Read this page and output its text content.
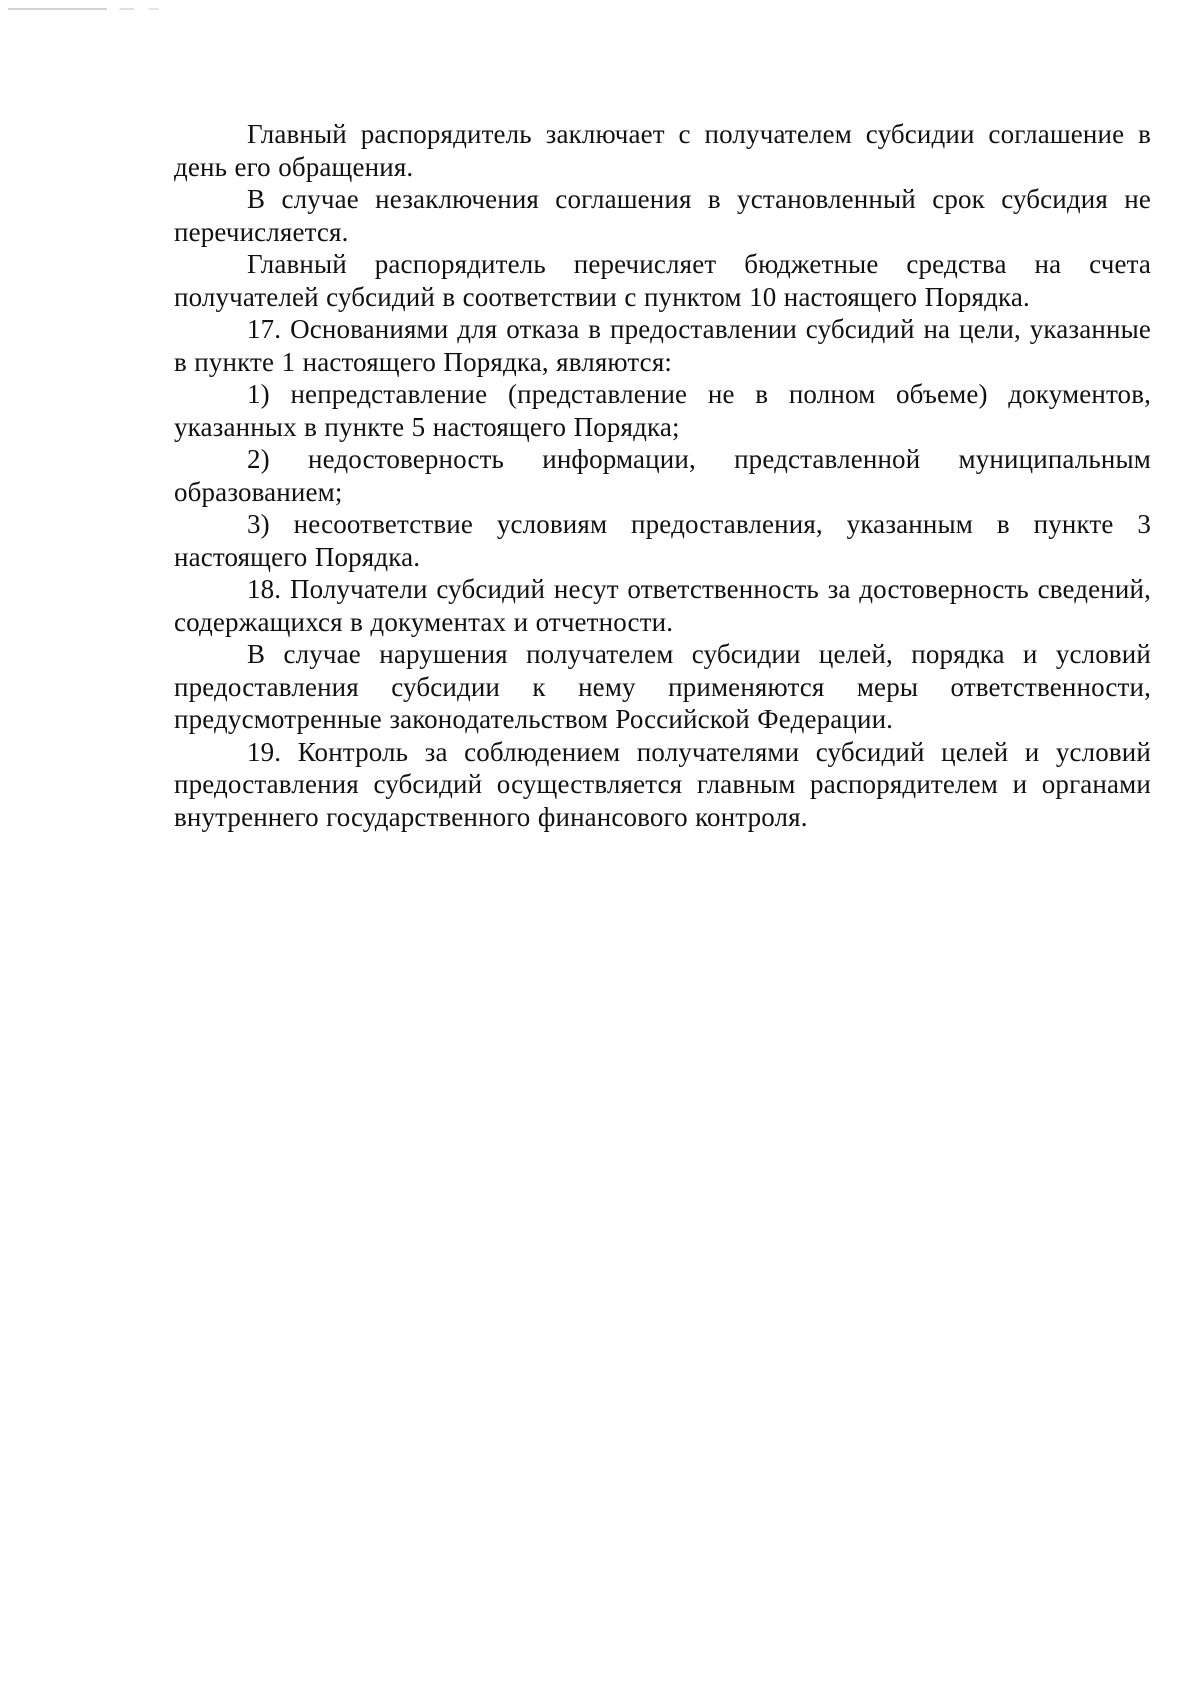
Главный распорядитель заключает с получателем субсидии соглашение в день его обращения.

В случае незаключения соглашения в установленный срок субсидия не перечисляется.

Главный распорядитель перечисляет бюджетные средства на счета получателей субсидий в соответствии с пунктом 10 настоящего Порядка.

17. Основаниями для отказа в предоставлении субсидий на цели, указанные в пункте 1 настоящего Порядка, являются:

1) непредставление (представление не в полном объеме) документов, указанных в пункте 5 настоящего Порядка;

2) недостоверность информации, представленной муниципальным образованием;

3) несоответствие условиям предоставления, указанным в пункте 3 настоящего Порядка.

18. Получатели субсидий несут ответственность за достоверность сведений, содержащихся в документах и отчетности.

В случае нарушения получателем субсидии целей, порядка и условий предоставления субсидии к нему применяются меры ответственности, предусмотренные законодательством Российской Федерации.

19. Контроль за соблюдением получателями субсидий целей и условий предоставления субсидий осуществляется главным распорядителем и органами внутреннего государственного финансового контроля.
